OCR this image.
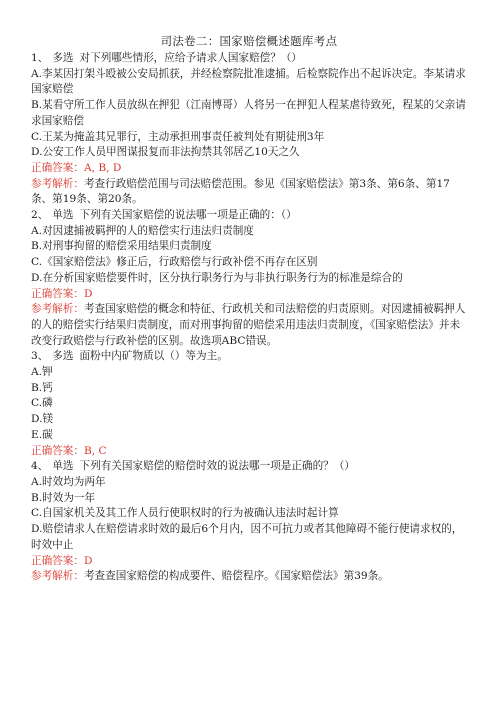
司法卷二：国家赔偿概述题库考点
1、 多选 对下列哪些情形，应给予请求人国家赔偿？（）
A.李某因打架斗殴被公安局抓获，并经检察院批准逮捕。后检察院作出不起诉决定。李某请求国家赔偿
B.某看守所工作人员放纵在押犯（江南博哥）人将另一在押犯人程某虐待致死，程某的父亲请求国家赔偿
C.王某为掩盖其兄罪行，主动承担刑事责任被判处有期徒刑3年
D.公安工作人员甲图谋报复而非法拘禁其邻居乙10天之久
正确答案：A, B, D
参考解析：考查行政赔偿范围与司法赔偿范围。参见《国家赔偿法》第3条、第6条、第17条、第19条、第20条。
2、 单选 下列有关国家赔偿的说法哪一项是正确的：（）
A.对因逮捕被羁押的人的赔偿实行违法归责制度
B.对刑事拘留的赔偿采用结果归责制度
C.《国家赔偿法》修正后，行政赔偿与行政补偿不再存在区别
D.在分析国家赔偿要件时，区分执行职务行为与非执行职务行为的标准是综合的
正确答案：D
参考解析：考查国家赔偿的概念和特征、行政机关和司法赔偿的归责原则。对因逮捕被羁押人的人的赔偿实行结果归责制度，而对刑事拘留的赔偿采用违法归责制度，《国家赔偿法》并未改变行政赔偿与行政补偿的区别。故选项ABC错误。
3、 多选 面粉中内矿物质以（）等为主。
A.钾
B.钙
C.磷
D.镁
E.碳
正确答案：B, C
4、 单选 下列有关国家赔偿的赔偿时效的说法哪一项是正确的？（）
A.时效均为两年
B.时效为一年
C.自国家机关及其工作人员行使职权时的行为被确认违法时起计算
D.赔偿请求人在赔偿请求时效的最后6个月内，因不可抗力或者其他障碍不能行使请求权的，时效中止
正确答案：D
参考解析：考查查国家赔偿的构成要件、赔偿程序。《国家赔偿法》第39条。
